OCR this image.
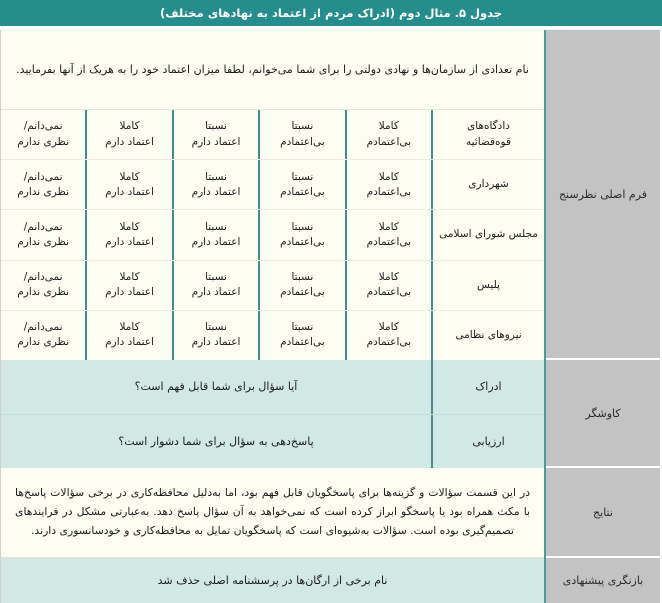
جدول ۵. مثال دوم (ادراک مردم از اعتماد به نهادهای مختلف)
فرم اصلی نظرسنج
کاوشگر
نتایج
بازنگری پیشنهادی
نام تعدادی از سازمان‌ها و نهادی دولتی را برای شما می‌خوانم، لطفا میزان اعتماد خود را به هریک از آنها بفرمایید.
دادگاه‌های
قوه‌قضائیه
کاملا
بی‌اعتمادم
نسبتا
بی‌اعتمادم
نسبتا
اعتماد دارم
کاملا
اعتماد دارم
نمی‌دانم/
نظری ندارم
شهرداری
کاملا
بی‌اعتمادم
نسبتا
بی‌اعتمادم
نسبتا
اعتماد دارم
کاملا
اعتماد دارم
نمی‌دانم/
نظری ندارم
مجلس شورای اسلامی
کاملا
بی‌اعتمادم
نسبتا
بی‌اعتمادم
نسبتا
اعتماد دارم
کاملا
اعتماد دارم
نمی‌دانم/
نظری ندارم
پلیس
کاملا
بی‌اعتمادم
نسبتا
بی‌اعتمادم
نسبتا
اعتماد دارم
کاملا
اعتماد دارم
نمی‌دانم/
نظری ندارم
نیروهای نظامی
کاملا
بی‌اعتمادم
نسبتا
بی‌اعتمادم
نسبتا
اعتماد دارم
کاملا
اعتماد دارم
نمی‌دانم/
نظری ندارم
ادراک
آیا سؤال برای شما قابل فهم است؟
ارزیابی
پاسخ‌دهی به سؤال برای شما دشوار است؟
در این قسمت سؤالات و گزینه‌ها برای پاسخگویان قابل فهم بود، اما به‌دلیل محافظه‌کاری در برخی سؤالات پاسخ‌ها با مکث همراه بود یا پاسخگو ابراز کرده است که نمی‌خواهد به آن سؤال پاسخ دهد. به‌عبارتی مشکل در فرایندهای تصمیم‌گیری بوده است. سؤالات به‌شیوه‌ای است که پاسخگویان تمایل به محافظه‌کاری و خودسانسوری دارند.
نام برخی از ارگان‌ها در پرسشنامه اصلی حذف شد
